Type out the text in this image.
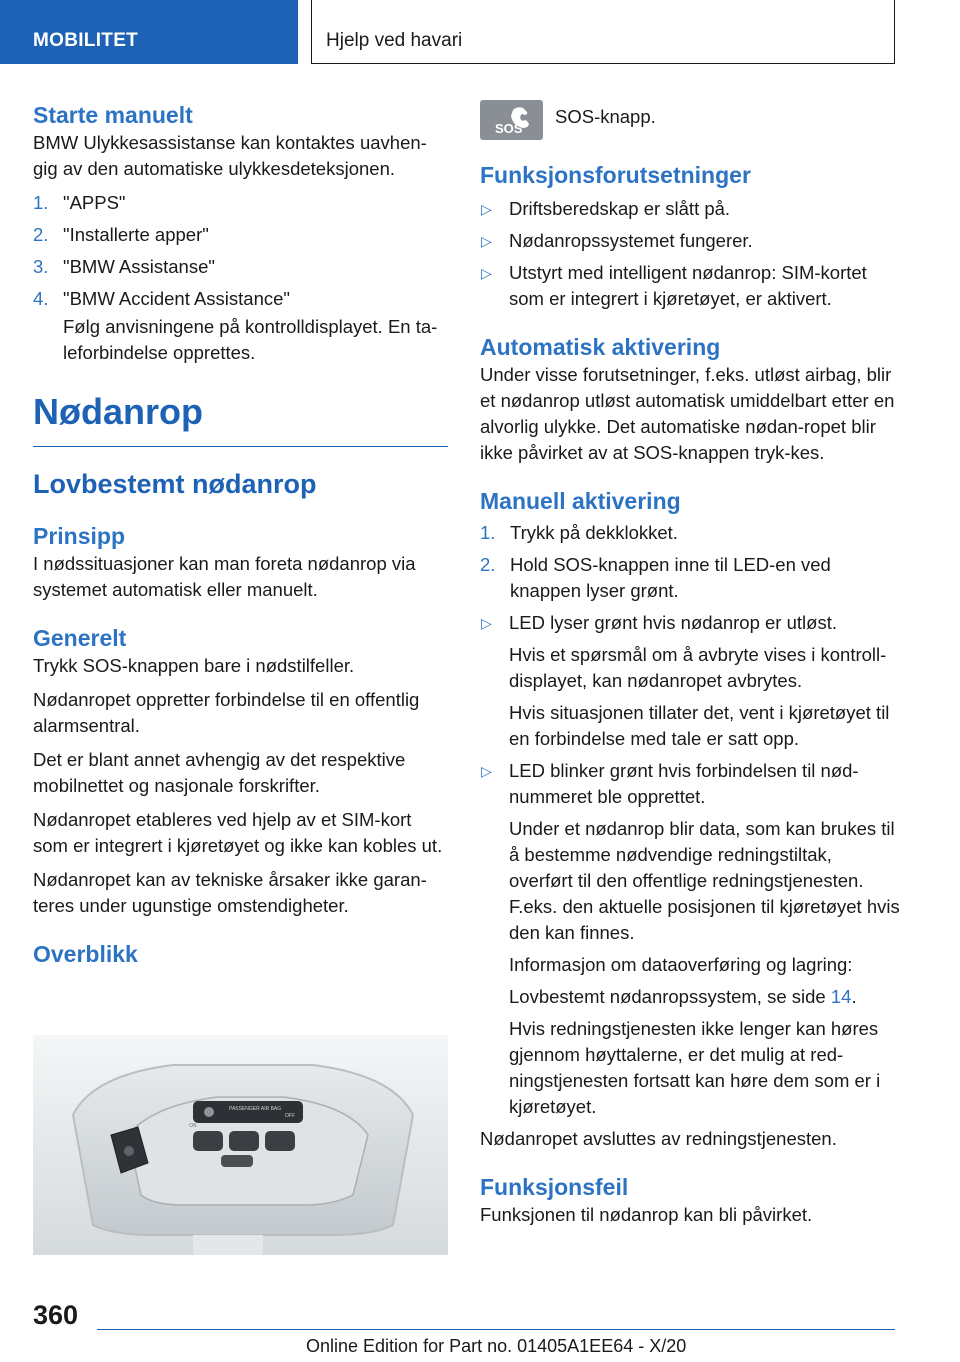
MOBILITET	Hjelp ved havari
Starte manuelt

BMW Ulykkesassistanse kan kontaktes uavhen-gig av den automatiske ulykkesdeteksjonen.

1. "APPS"
2. "Installerte apper"
3. "BMW Assistanse"
4. "BMW Accident Assistance"
Følg anvisningene på kontrolldisplayet. En ta-leforbindelse opprettes.
Nødanrop
Lovbestemt nødanrop
Prinsipp

I nødssituasjoner kan man foreta nødanrop via systemet automatisk eller manuelt.

Generelt

Trykk SOS-knappen bare i nødstilfeller.

Nødanropet oppretter forbindelse til en offentlig alarmsentral.

Det er blant annet avhengig av det respektive mobilnettet og nasjonale forskrifter.

Nødanropet etableres ved hjelp av et SIM-kort som er integrert i kjøretøyet og ikke kan kobles ut.

Nødanropet kan av tekniske årsaker ikke garan-teres under ugunstige omstendigheter.

Overblikk
PASSENGER AIR BAG
ON
OFF
SOS

SOS-knapp.

Funksjonsforutsetninger
▷ Driftsberedskap er slått på.
▷ Nødanropssystemet fungerer.
▷ Utstyrt med intelligent nødanrop: SIM-kortet som er integrert i kjøretøyet, er aktivert.
Automatisk aktivering

Under visse forutsetninger, f.eks. utløst airbag, blir et nødanrop utløst automatisk umiddelbart etter en alvorlig ulykke. Det automatiske nødan-ropet blir ikke påvirket av at SOS-knappen tryk-kes.

Manuell aktivering
1. Trykk på dekklokket.
2. Hold SOS-knappen inne til LED-en ved knappen lyser grønt.
▷ LED lyser grønt hvis nødanrop er utløst.
Hvis et spørsmål om å avbryte vises i kontroll-displayet, kan nødanropet avbrytes.
Hvis situasjonen tillater det, vent i kjøretøyet til en forbindelse med tale er satt opp.
▷ LED blinker grønt hvis forbindelsen til nød-nummeret ble opprettet.
Under et nødanrop blir data, som kan brukes til å bestemme nødvendige redningstiltak, overført til den offentlige redningstjenesten. F.eks. den aktuelle posisjonen til kjøretøyet hvis den kan finnes.
Informasjon om dataoverføring og lagring:
Lovbestemt nødanropssystem, se side 14.
Hvis redningstjenesten ikke lenger kan høres gjennom høyttalerne, er det mulig at red-ningstjenesten fortsatt kan høre dem som er i kjøretøyet.

Nødanropet avsluttes av redningstjenesten.

Funksjonsfeil

Funksjonen til nødanrop kan bli påvirket.

360
Online Edition for Part no. 01405A1EE64 - X/20
